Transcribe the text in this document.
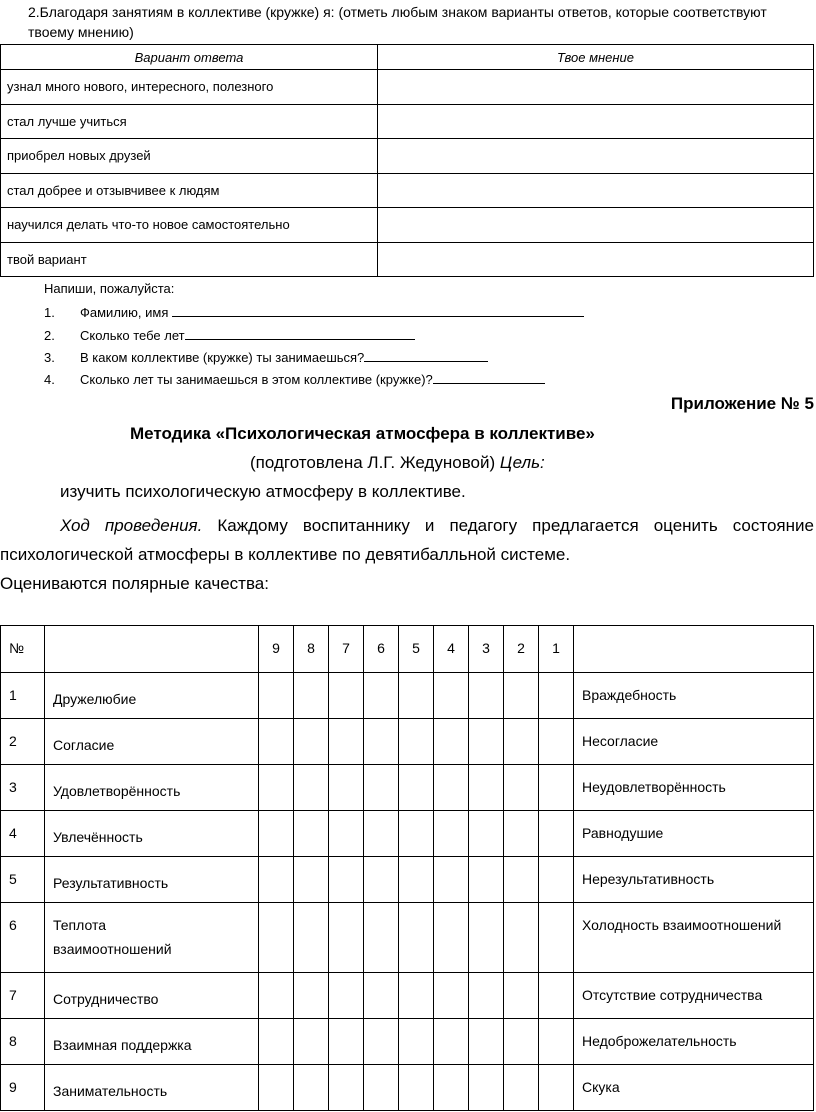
2.Благодаря занятиям в коллективе (кружке) я: (отметь любым знаком варианты ответов, которые соответствуют твоему мнению)
Вариант ответа	Твое мнение
узнал много нового, интересного, полезного	
стал лучше учиться	
приобрел новых друзей	
стал добрее и отзывчивее к людям	
научился делать что-то новое самостоятельно	
твой вариант	
Напиши, пожалуйста:
1. Фамилию, имя
2. Сколько тебе лет
3. В каком коллективе (кружке) ты занимаешься?
4. Сколько лет ты занимаешься в этом коллективе (кружке)?
Приложение № 5
Методика «Психологическая атмосфера в коллективе»
(подготовлена Л.Г. Жедуновой) Цель:
изучить психологическую атмосферу в коллективе.
Ход проведения. Каждому воспитаннику и педагогу предлагается оценить состояние психологической атмосферы в коллективе по девятибалльной системе.
Оцениваются полярные качества:
№		9	8	7	6	5	4	3	2	1	
1	Дружелюбие										Враждебность
2	Согласие										Несогласие
3	Удовлетворённость										Неудовлетворённость
4	Увлечённость										Равнодушие
5	Результативность										Нерезультативность
6	Теплота
взаимоотношений										Холодность взаимоотношений
7	Сотрудничество										Отсутствие сотрудничества
8	Взаимная поддержка										Недоброжелательность
9	Занимательность										Скука
